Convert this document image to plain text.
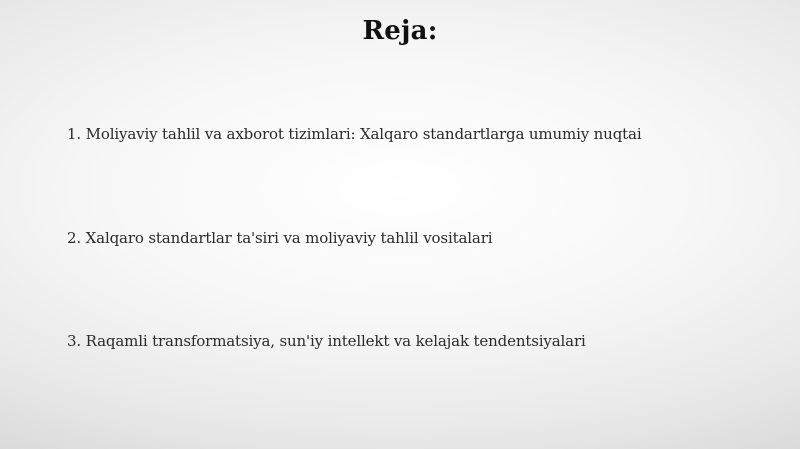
Reja:
1. Moliyaviy tahlil va axborot tizimlari: Xalqaro standartlarga umumiy nuqtai
2. Xalqaro standartlar ta'siri va moliyaviy tahlil vositalari
3. Raqamli transformatsiya, sun'iy intellekt va kelajak tendentsiyalari
